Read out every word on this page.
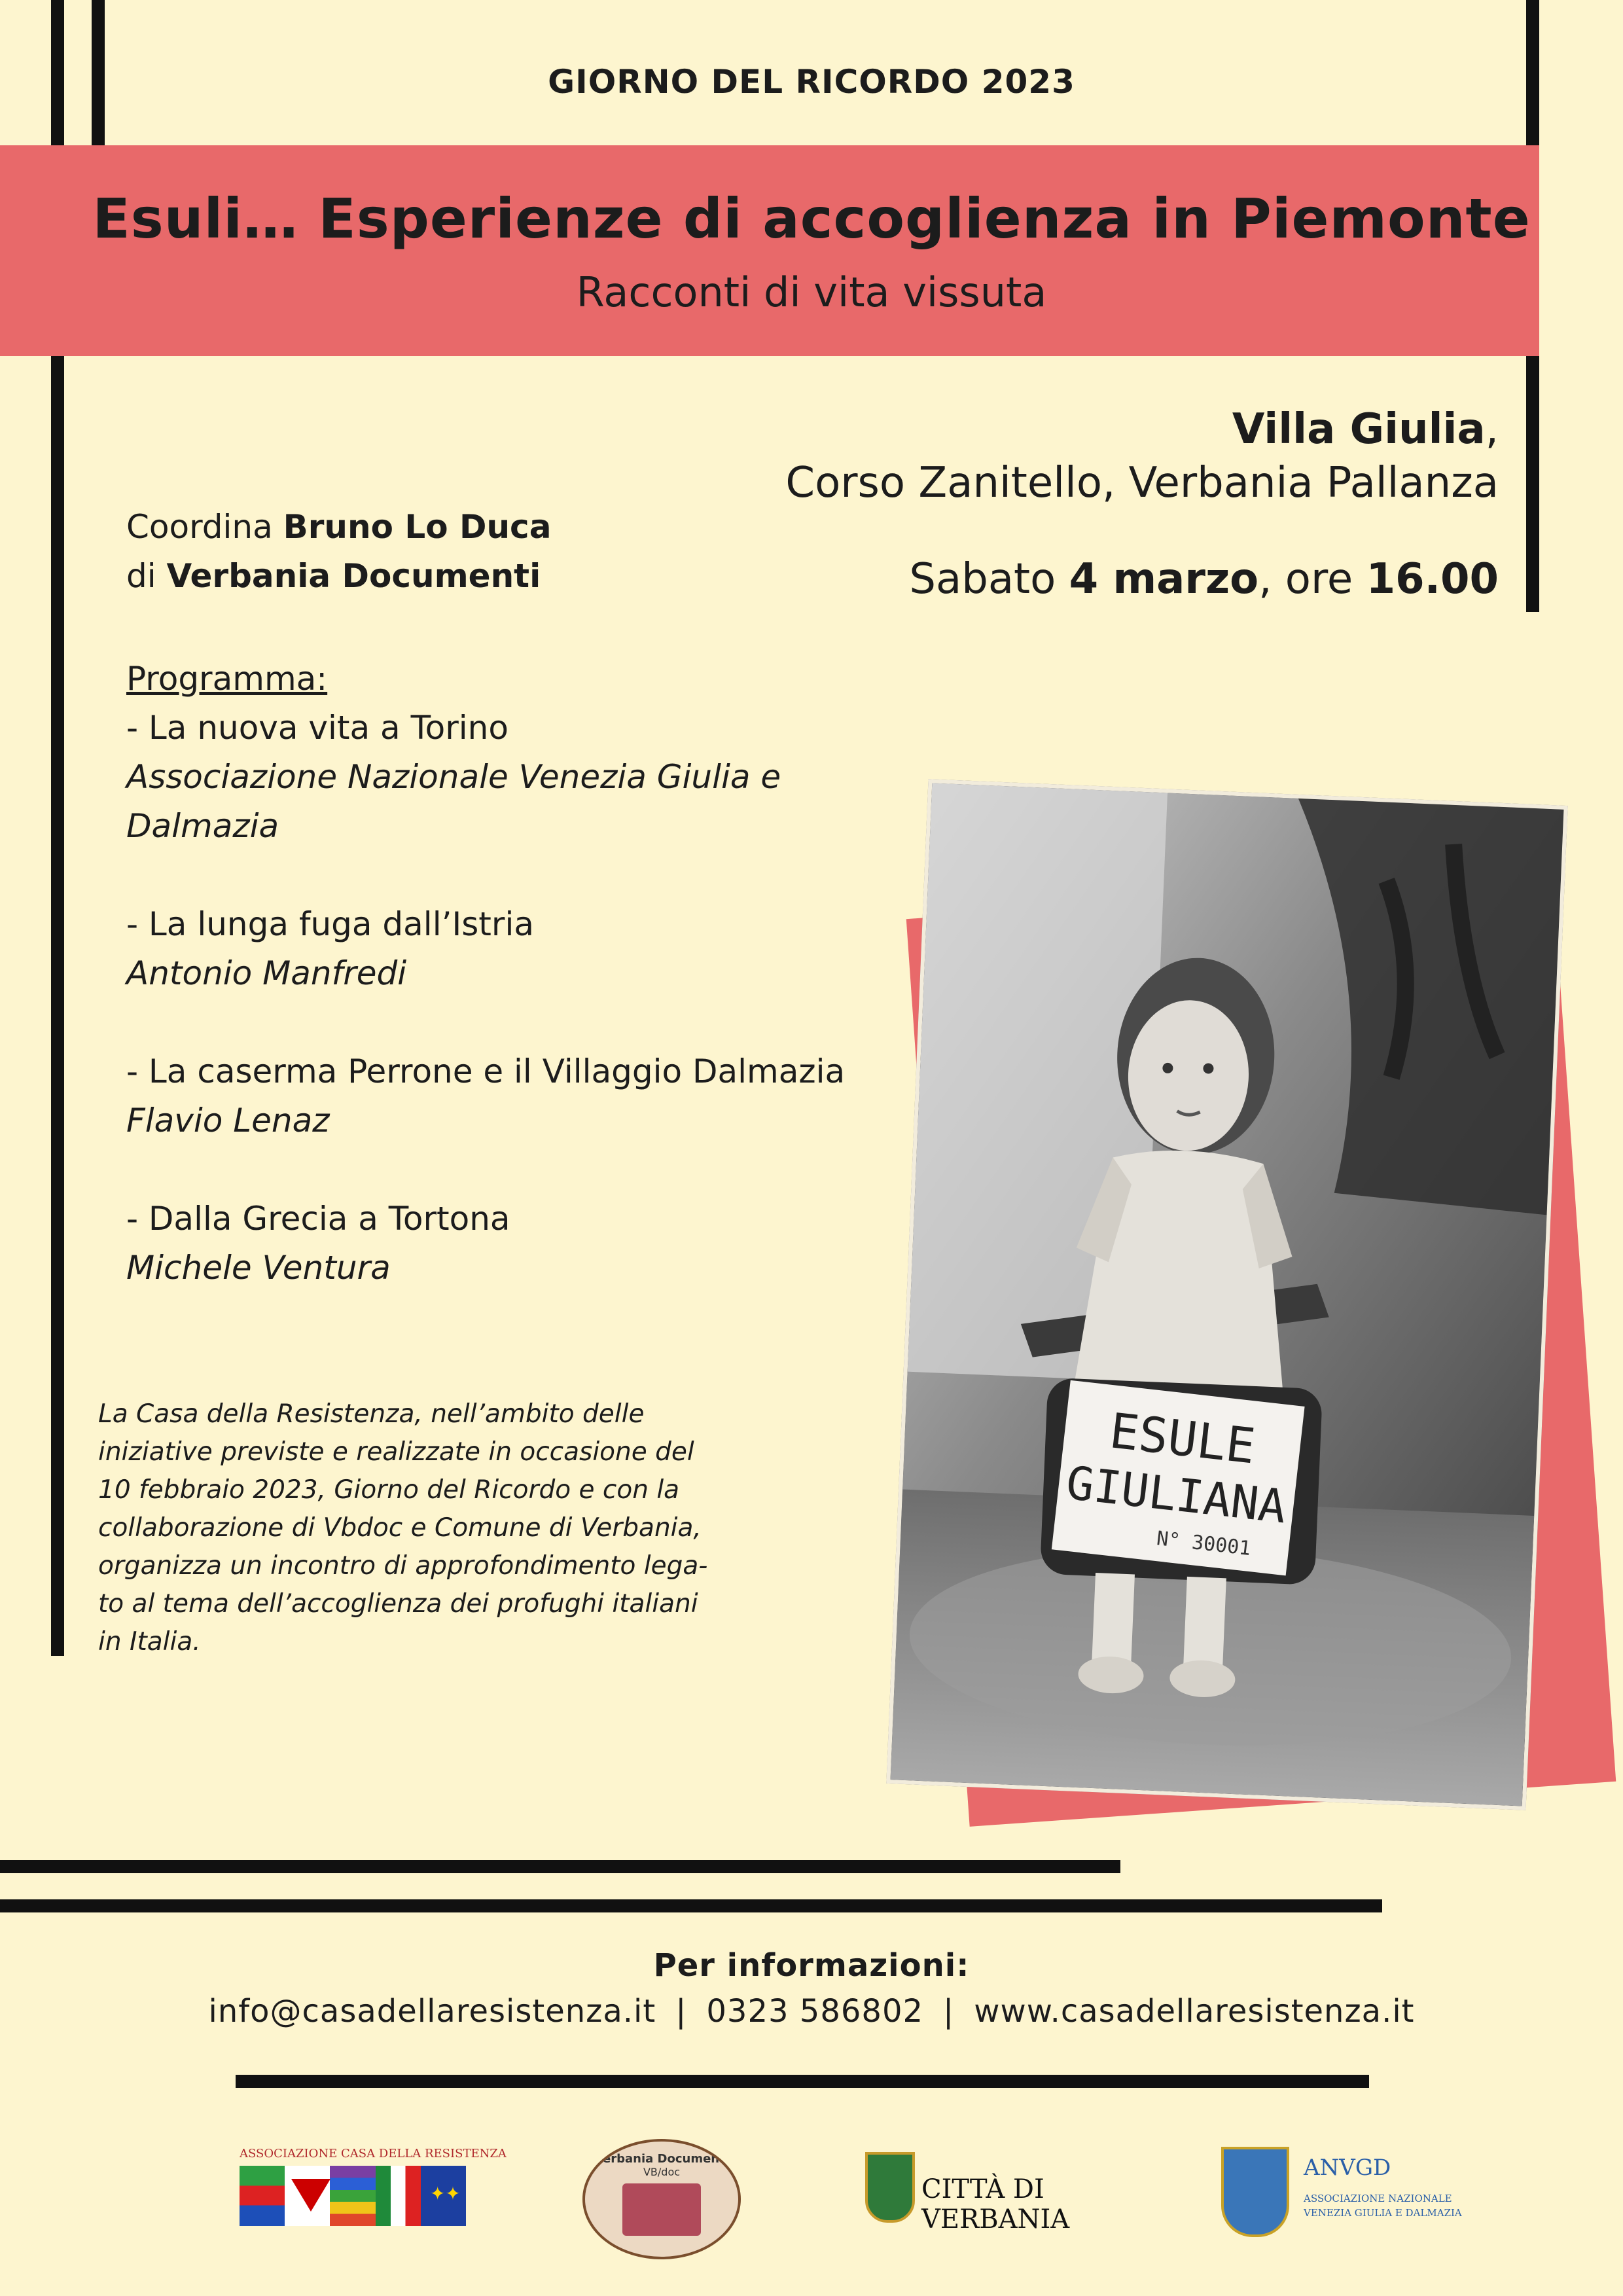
GIORNO DEL RICORDO 2023
Esuli… Esperienze di accoglienza in Piemonte
Racconti di vita vissuta
Villa Giulia,
Corso Zanitello, Verbania Pallanza
Sabato 4 marzo, ore 16.00
Coordina Bruno Lo Duca
di Verbania Documenti
Programma:
- La nuova vita a Torino
Associazione Nazionale Venezia Giulia e
Dalmazia
- La lunga fuga dall’Istria
Antonio Manfredi
- La caserma Perrone e il Villaggio Dalmazia
Flavio Lenaz
- Dalla Grecia a Tortona
Michele Ventura
La Casa della Resistenza, nell’ambito delle
iniziative previste e realizzate in occasione del
10 febbraio 2023, Giorno del Ricordo e con la
collaborazione di Vbdoc e Comune di Verbania,
organizza un incontro di approfondimento lega-
to al tema dell’accoglienza dei profughi italiani
in Italia.
ESULE
GIULIANA
N° 30001
Per informazioni:
info@casadellaresistenza.it | 0323 586802 | www.casadellaresistenza.it
ASSOCIAZIONE CASA DELLA RESISTENZA
✦✦
Verbania Documenti
VB/doc
CITTÀ DI VERBANIA
ANVGD
ASSOCIAZIONE NAZIONALE
VENEZIA GIULIA E DALMAZIA
